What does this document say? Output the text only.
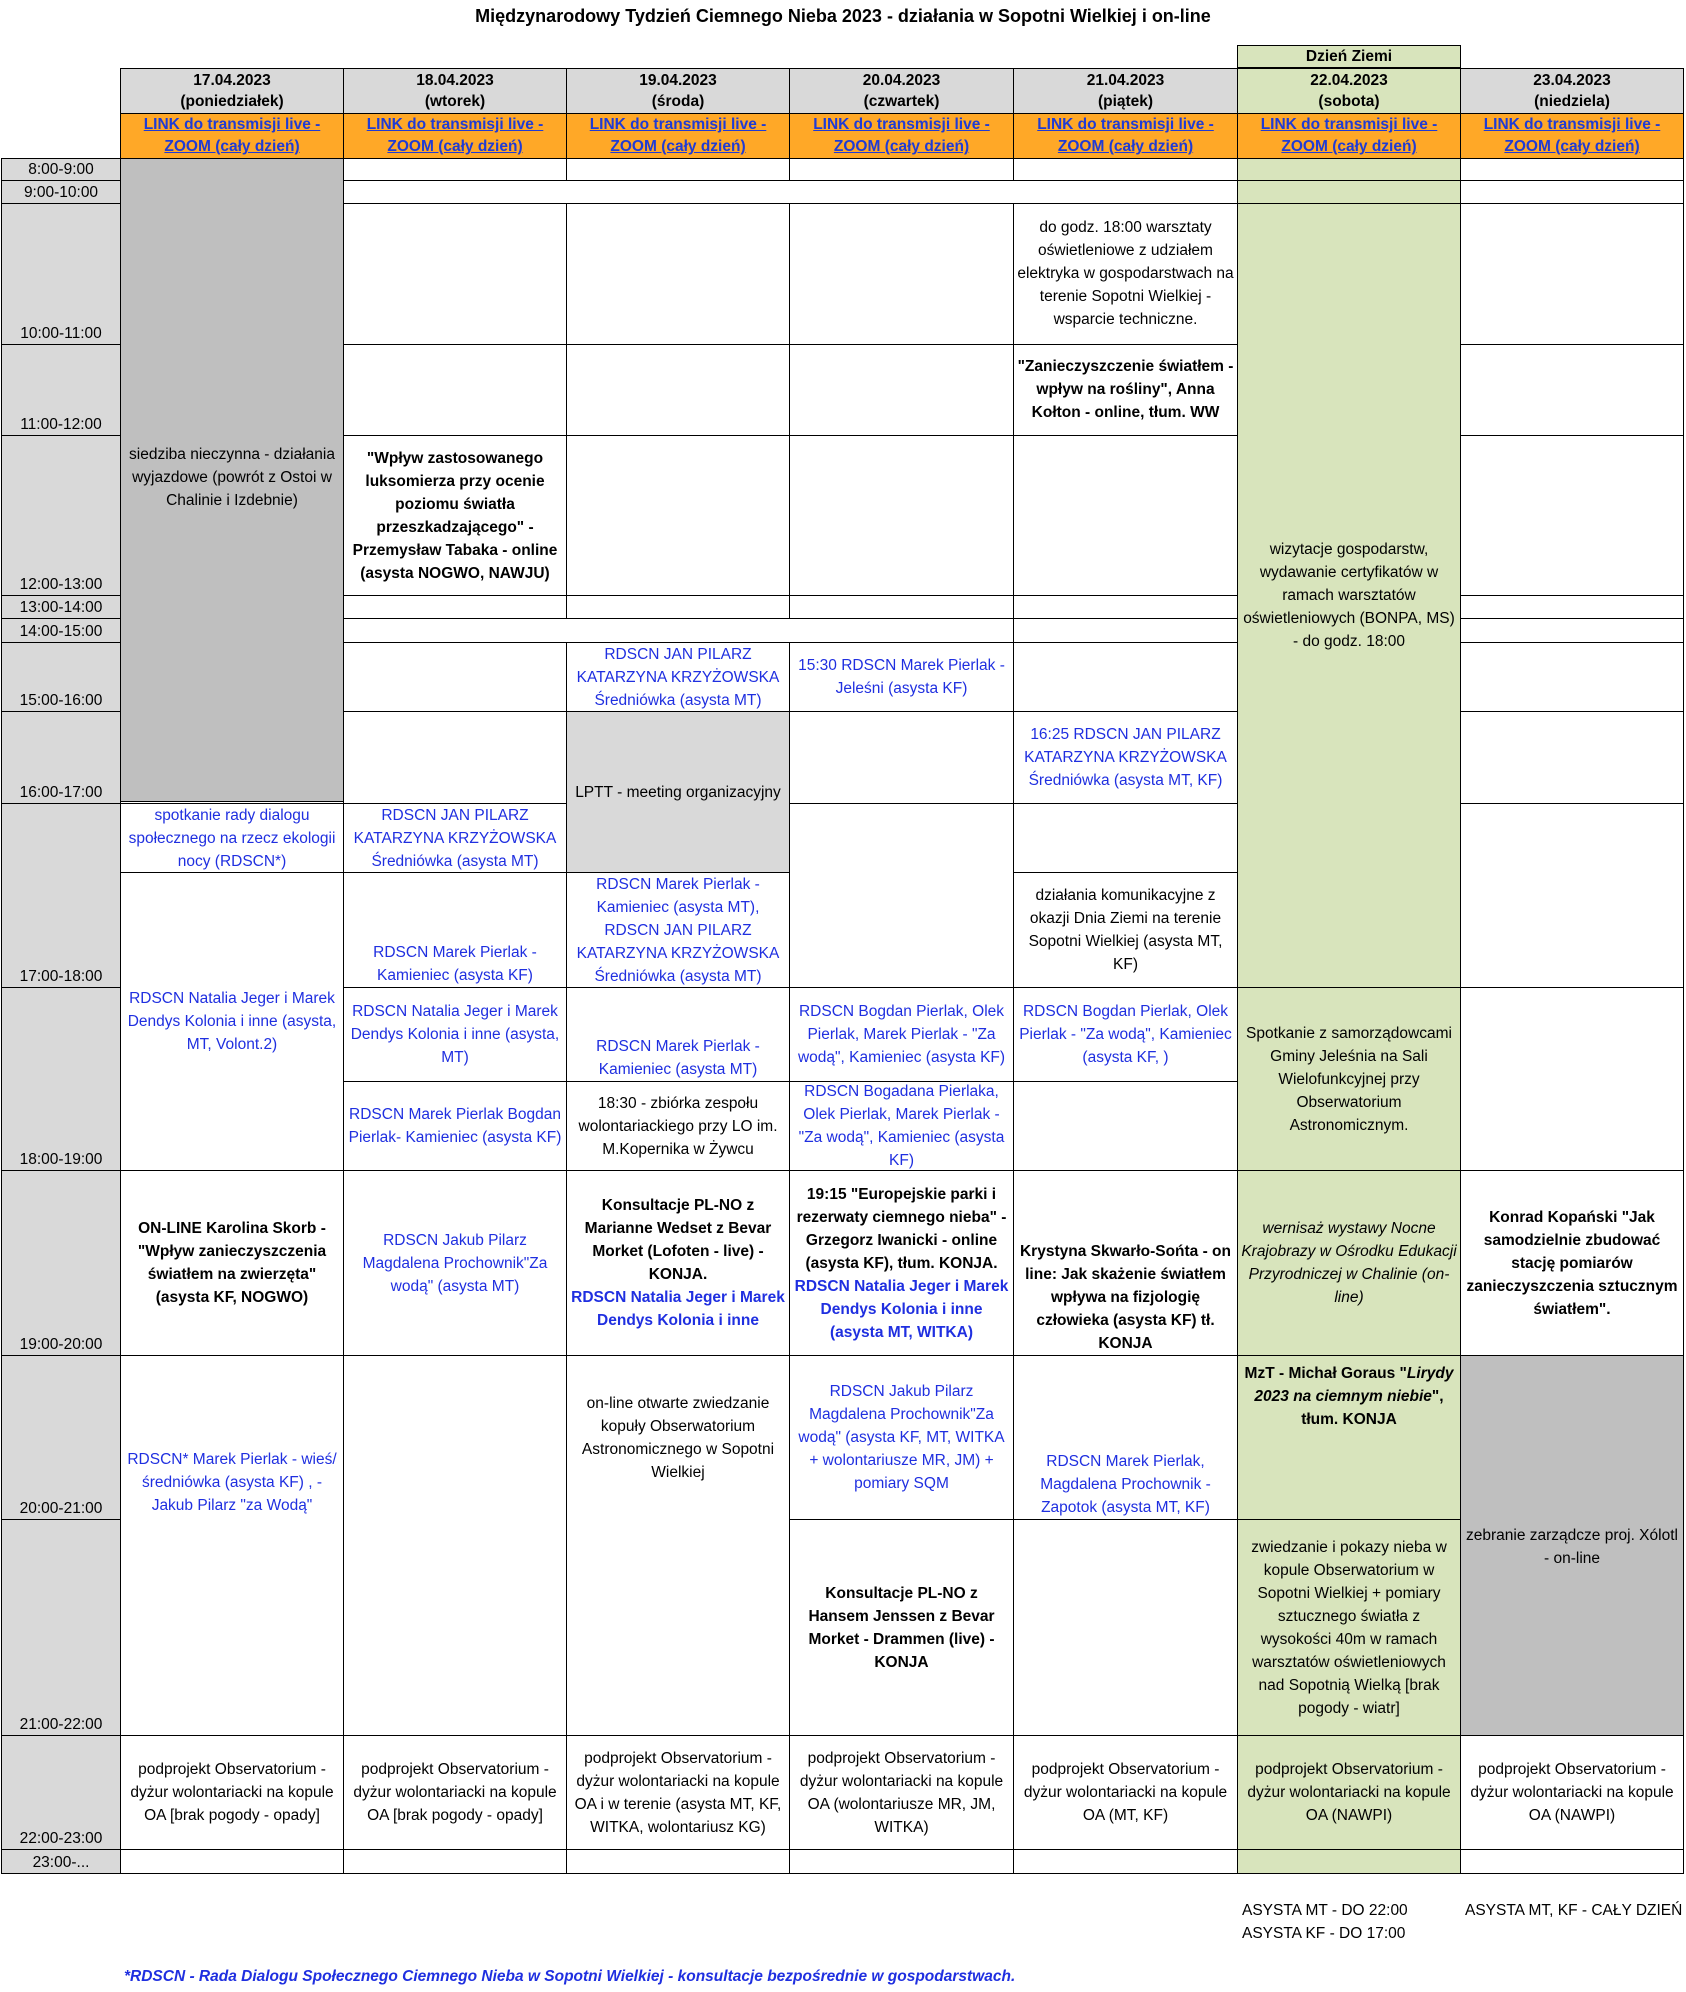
Międzynarodowy Tydzień Ciemnego Nieba 2023 - działania w Sopotni Wielkiej i on-line
Dzień Ziemi
17.04.2023
(poniedziałek)
18.04.2023
(wtorek)
19.04.2023
(środa)
20.04.2023
(czwartek)
21.04.2023
(piątek)
22.04.2023
(sobota)
23.04.2023
(niedziela)
LINK do transmisji live - ZOOM (cały dzień)
LINK do transmisji live - ZOOM (cały dzień)
LINK do transmisji live - ZOOM (cały dzień)
LINK do transmisji live - ZOOM (cały dzień)
LINK do transmisji live - ZOOM (cały dzień)
LINK do transmisji live - ZOOM (cały dzień)
LINK do transmisji live - ZOOM (cały dzień)
8:00-9:00
9:00-10:00
10:00-11:00
11:00-12:00
12:00-13:00
13:00-14:00
14:00-15:00
15:00-16:00
16:00-17:00
17:00-18:00
18:00-19:00
19:00-20:00
20:00-21:00
21:00-22:00
22:00-23:00
23:00-...
siedziba nieczynna - działania wyjazdowe (powrót z Ostoi w Chalinie i Izdebnie)
spotkanie rady dialogu społecznego na rzecz ekologii nocy (RDSCN*)
RDSCN Natalia Jeger i Marek Dendys Kolonia i inne (asysta, MT, Volont.2)
ON-LINE Karolina Skorb - "Wpływ zanieczyszczenia światłem na zwierzęta" (asysta KF, NOGWO)
RDSCN* Marek Pierlak - wieś/ średniówka (asysta KF) , - Jakub Pilarz "za Wodą"
podprojekt Observatorium - dyżur wolontariacki na kopule OA [brak pogody - opady]
"Wpływ zastosowanego luksomierza przy ocenie poziomu światła przeszkadzającego" - Przemysław Tabaka - online (asysta NOGWO, NAWJU)
RDSCN JAN PILARZ KATARZYNA KRZYŻOWSKA Średniówka (asysta MT)
RDSCN Marek Pierlak - Kamieniec (asysta KF)
RDSCN Natalia Jeger i Marek Dendys Kolonia i inne (asysta, MT)
RDSCN Marek Pierlak Bogdan Pierlak- Kamieniec (asysta KF)
RDSCN Jakub Pilarz Magdalena Prochownik"Za wodą" (asysta MT)
podprojekt Observatorium - dyżur wolontariacki na kopule OA [brak pogody - opady]
RDSCN JAN PILARZ KATARZYNA KRZYŻOWSKA Średniówka (asysta MT)
LPTT - meeting organizacyjny
RDSCN Marek Pierlak - Kamieniec (asysta MT), RDSCN JAN PILARZ KATARZYNA KRZYŻOWSKA Średniówka (asysta MT)
RDSCN Marek Pierlak - Kamieniec (asysta MT)
18:30 - zbiórka zespołu wolontariackiego przy LO im. M.Kopernika w Żywcu
Konsultacje PL-NO z Marianne Wedset z Bevar Morket (Lofoten - live) - KONJA.
RDSCN Natalia Jeger i Marek Dendys Kolonia i inne
on-line otwarte zwiedzanie kopuły Obserwatorium Astronomicznego w Sopotni Wielkiej
podprojekt Observatorium - dyżur wolontariacki na kopule OA i w terenie (asysta MT, KF, WITKA, wolontariusz KG)
15:30 RDSCN Marek Pierlak - Jeleśni (asysta KF)
RDSCN Bogdan Pierlak, Olek Pierlak, Marek Pierlak - "Za wodą", Kamieniec (asysta KF)
RDSCN Bogadana Pierlaka, Olek Pierlak, Marek Pierlak - "Za wodą", Kamieniec (asysta KF)
19:15 "Europejskie parki i rezerwaty ciemnego nieba" - Grzegorz Iwanicki - online (asysta KF), tłum. KONJA.
RDSCN Natalia Jeger i Marek Dendys Kolonia i inne (asysta MT, WITKA)
RDSCN Jakub Pilarz Magdalena Prochownik"Za wodą" (asysta KF, MT, WITKA + wolontariusze MR, JM) + pomiary SQM
Konsultacje PL-NO z Hansem Jenssen z Bevar Morket - Drammen (live) - KONJA
podprojekt Observatorium - dyżur wolontariacki na kopule OA (wolontariusze MR, JM, WITKA)
do godz. 18:00 warsztaty oświetleniowe z udziałem elektryka w gospodarstwach na terenie Sopotni Wielkiej - wsparcie techniczne.
"Zanieczyszczenie światłem - wpływ na rośliny", Anna Kołton - online, tłum. WW
16:25 RDSCN JAN PILARZ KATARZYNA KRZYŻOWSKA Średniówka (asysta MT, KF)
działania komunikacyjne z okazji Dnia Ziemi na terenie Sopotni Wielkiej (asysta MT, KF)
RDSCN Bogdan Pierlak, Olek Pierlak - "Za wodą", Kamieniec (asysta KF, )
Krystyna Skwarło-Sońta - on line: Jak skażenie światłem wpływa na fizjologię człowieka (asysta KF) tł. KONJA
RDSCN Marek Pierlak, Magdalena Prochownik - Zapotok (asysta MT, KF)
podprojekt Observatorium - dyżur wolontariacki na kopule OA (MT, KF)
wizytacje gospodarstw, wydawanie certyfikatów w ramach warsztatów oświetleniowych (BONPA, MS) - do godz. 18:00
Spotkanie z samorządowcami Gminy Jeleśnia na Sali Wielofunkcyjnej przy Obserwatorium Astronomicznym.
wernisaż wystawy Nocne Krajobrazy w Ośrodku Edukacji Przyrodniczej w Chalinie (on-line)
MzT - Michał Goraus "Lirydy 2023 na ciemnym niebie", tłum. KONJA
zwiedzanie i pokazy nieba w kopule Obserwatorium w Sopotni Wielkiej + pomiary sztucznego światła z wysokości 40m w ramach warsztatów oświetleniowych nad Sopotnią Wielką [brak pogody - wiatr]
podprojekt Observatorium - dyżur wolontariacki na kopule OA (NAWPI)
Konrad Kopański "Jak samodzielnie zbudować stację pomiarów zanieczyszczenia sztucznym światłem".
zebranie zarządcze proj. Xólotl - on-line
podprojekt Observatorium - dyżur wolontariacki na kopule OA (NAWPI)
ASYSTA MT - DO 22:00
ASYSTA KF - DO 17:00
ASYSTA MT, KF - CAŁY DZIEŃ
*RDSCN - Rada Dialogu Społecznego Ciemnego Nieba w Sopotni Wielkiej - konsultacje bezpośrednie w gospodarstwach.
